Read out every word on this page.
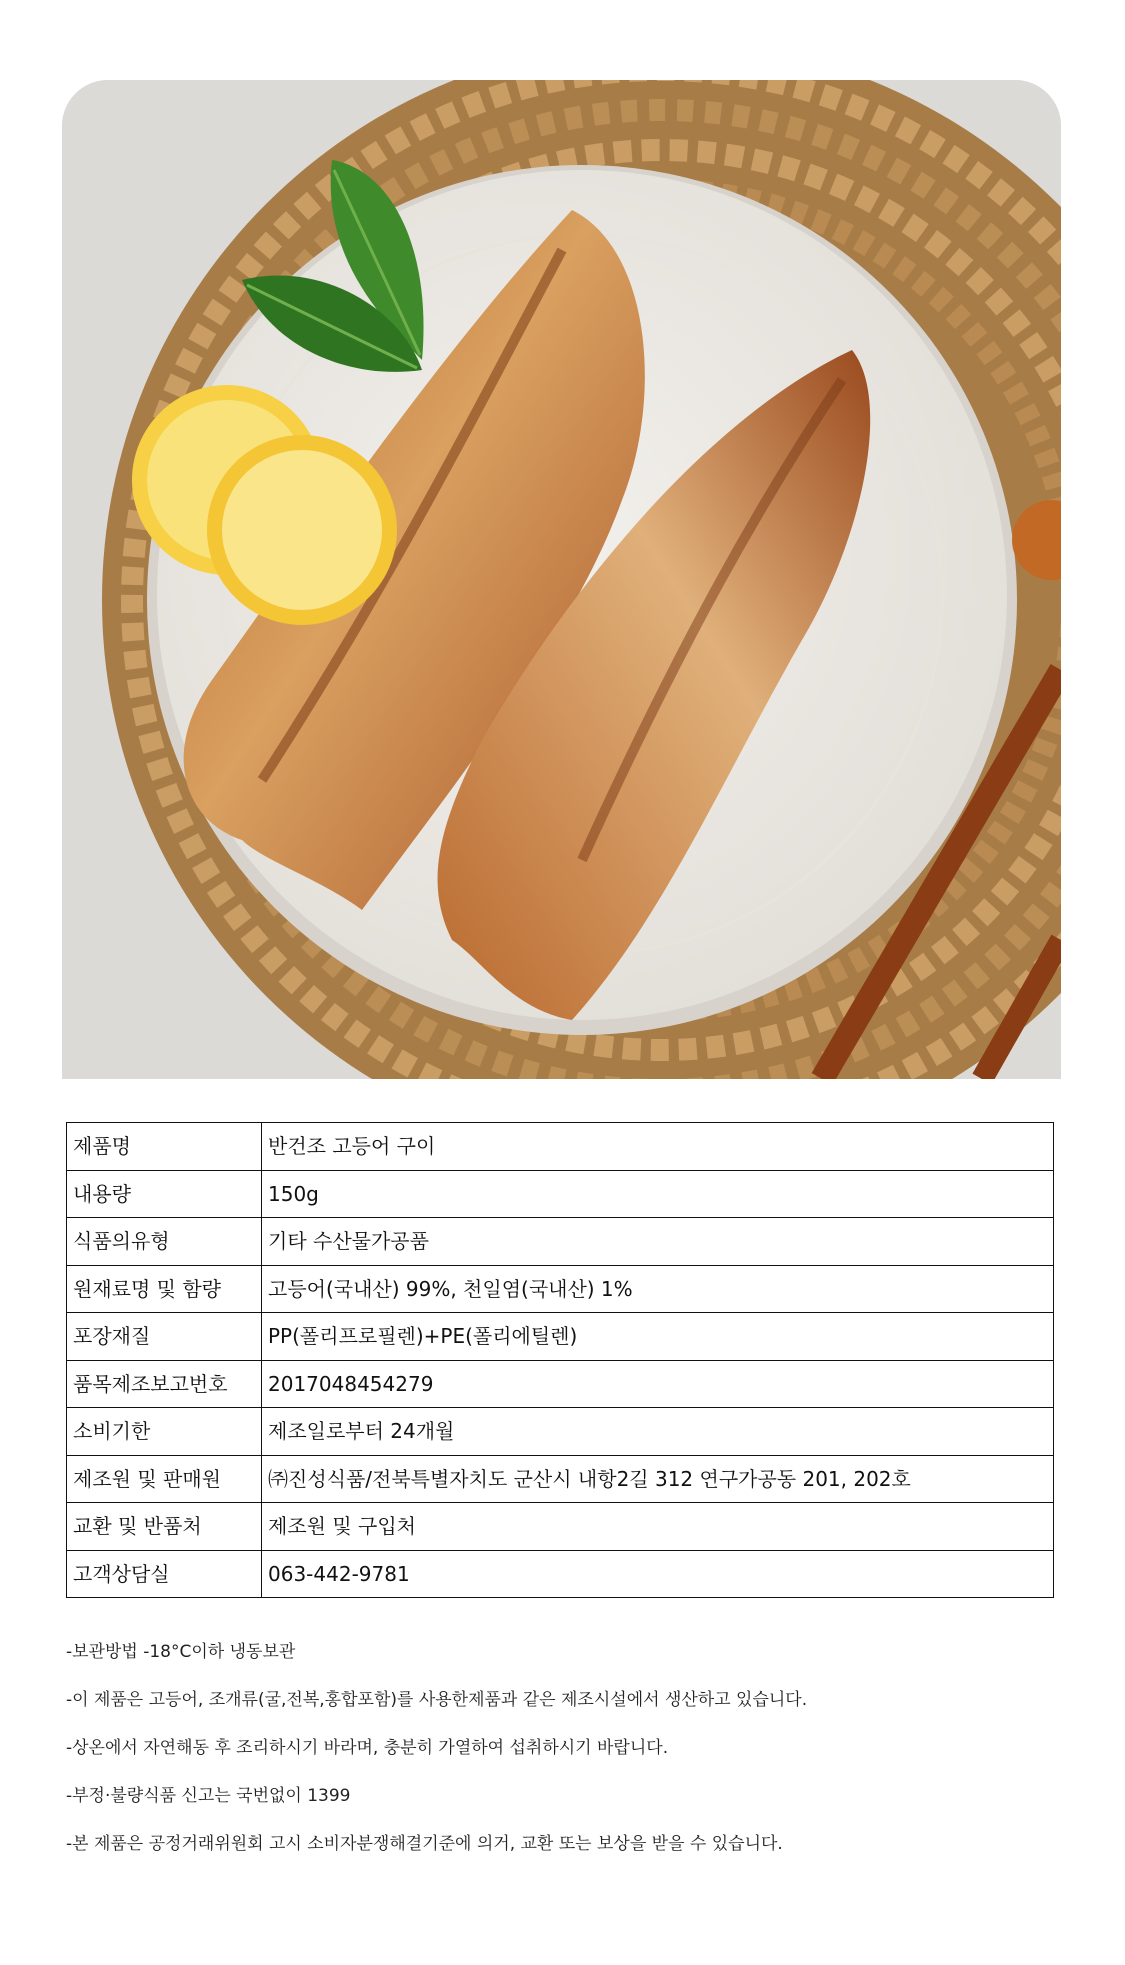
제품명	반건조 고등어 구이
내용량	150g
식품의유형	기타 수산물가공품
원재료명 및 함량	고등어(국내산) 99%, 천일염(국내산) 1%
포장재질	PP(폴리프로필렌)+PE(폴리에틸렌)
품목제조보고번호	2017048454279
소비기한	제조일로부터 24개월
제조원 및 판매원	㈜진성식품/전북특별자치도 군산시 내항2길 312 연구가공동 201, 202호
교환 및 반품처	제조원 및 구입처
고객상담실	063-442-9781
-보관방법 -18°C이하 냉동보관
-이 제품은 고등어, 조개류(굴,전복,홍합포함)를 사용한제품과 같은 제조시설에서 생산하고 있습니다.
-상온에서 자연해동 후 조리하시기 바라며, 충분히 가열하여 섭취하시기 바랍니다.
-부정·불량식품 신고는 국번없이 1399
-본 제품은 공정거래위원회 고시 소비자분쟁해결기준에 의거, 교환 또는 보상을 받을 수 있습니다.
